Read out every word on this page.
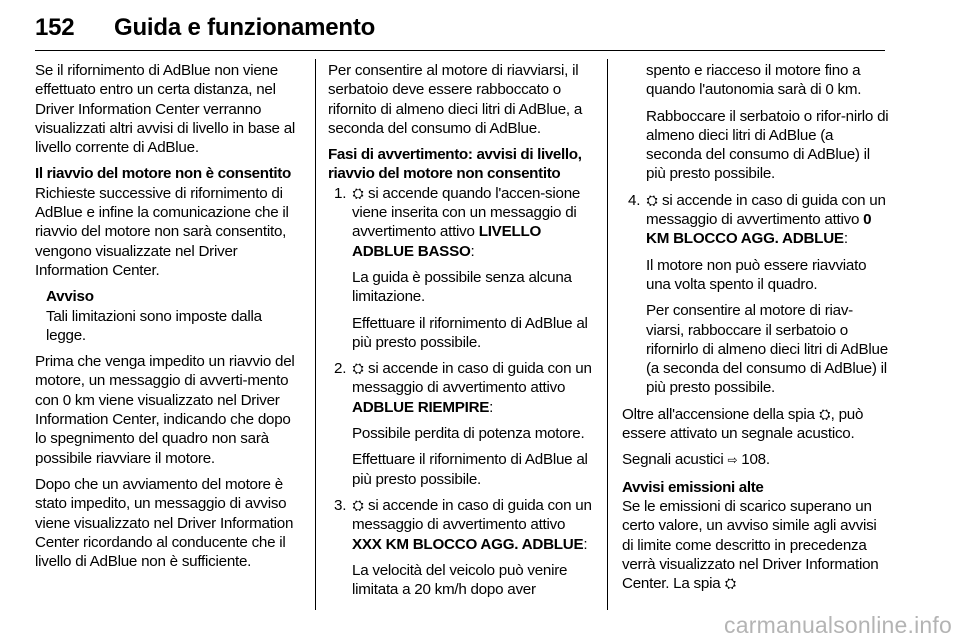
152 Guida e funzionamento

Se il rifornimento di AdBlue non viene effettuato entro un certa distanza, nel Driver Information Center verranno visualizzati altri avvisi di livello in base al livello corrente di AdBlue.

Il riavvio del motore non è consentito

Richieste successive di rifornimento di AdBlue e infine la comunicazione che il riavvio del motore non sarà consentito, vengono visualizzate nel Driver Information Center.

Avviso
Tali limitazioni sono imposte dalla legge.

Prima che venga impedito un riavvio del motore, un messaggio di avverti-mento con 0 km viene visualizzato nel Driver Information Center, indicando che dopo lo spegnimento del quadro non sarà possibile riavviare il motore.

Dopo che un avviamento del motore è stato impedito, un messaggio di avviso viene visualizzato nel Driver Information Center ricordando al conducente che il livello di AdBlue non è sufficiente.

Per consentire al motore di riavviarsi, il serbatoio deve essere rabboccato o rifornito di almeno dieci litri di AdBlue, a seconda del consumo di AdBlue.

Fasi di avvertimento: avvisi di livello, riavvio del motore non consentito
1. ⛭ si accende quando l'accen-sione viene inserita con un messaggio di avvertimento attivo LIVELLO ADBLUE BASSO:

La guida è possibile senza alcuna limitazione.

Effettuare il rifornimento di AdBlue al più presto possibile.

2. ⛭ si accende in caso di guida con un messaggio di avvertimento attivo ADBLUE RIEMPIRE:

Possibile perdita di potenza motore.

Effettuare il rifornimento di AdBlue al più presto possibile.

3. ⛭ si accende in caso di guida con un messaggio di avvertimento attivo XXX KM BLOCCO AGG. ADBLUE:

La velocità del veicolo può venire limitata a 20 km/h dopo aver

spento e riacceso il motore fino a quando l'autonomia sarà di 0 km.

Rabboccare il serbatoio o rifor-nirlo di almeno dieci litri di AdBlue (a seconda del consumo di AdBlue) il più presto possibile.

4. ⛭ si accende in caso di guida con un messaggio di avvertimento attivo 0 KM BLOCCO AGG. ADBLUE:

Il motore non può essere riavviato una volta spento il quadro.

Per consentire al motore di riav-viarsi, rabboccare il serbatoio o rifornirlo di almeno dieci litri di AdBlue (a seconda del consumo di AdBlue) il più presto possibile.

Oltre all'accensione della spia ⛭, può essere attivato un segnale acustico.

Segnali acustici ⇨ 108.

Avvisi emissioni alte

Se le emissioni di scarico superano un certo valore, un avviso simile agli avvisi di limite come descritto in precedenza verrà visualizzato nel Driver Information Center. La spia ⛭

carmanualsonline.info
